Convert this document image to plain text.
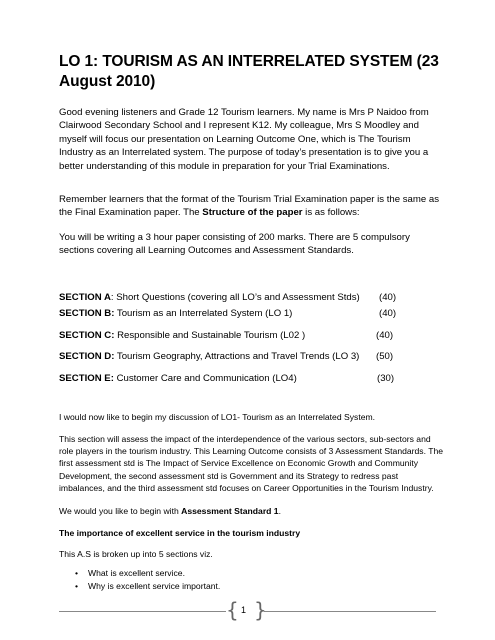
LO 1: TOURISM AS AN INTERRELATED SYSTEM (23 August 2010)

Good evening listeners and Grade 12 Tourism learners. My name is Mrs P Naidoo from Clairwood Secondary School and I represent K12. My colleague, Mrs S Moodley and myself will focus our presentation on Learning Outcome One, which is The Tourism Industry as an Interrelated system. The purpose of today’s presentation is to give you a better understanding of this module in preparation for your Trial Examinations.

Remember learners that the format of the Tourism Trial Examination paper is the same as the Final Examination paper. The Structure of the paper is as follows:

You will be writing a 3 hour paper consisting of 200 marks. There are 5 compulsory sections covering all Learning Outcomes and Assessment Standards.

SECTION A: Short Questions (covering all LO’s and Assessment Stds) (40)
SECTION B: Tourism as an Interrelated System (LO 1)	(40)
SECTION C: Responsible and Sustainable Tourism (L02 )	(40)
SECTION D: Tourism Geography, Attractions and Travel Trends (LO 3) (50)
SECTION E: Customer Care and Communication (LO4)	(30)

I would now like to begin my discussion of LO1- Tourism as an Interrelated System.

This section will assess the impact of the interdependence of the various sectors, sub-sectors and role players in the tourism industry. This Learning Outcome consists of 3 Assessment Standards. The first assessment std is The Impact of Service Excellence on Economic Growth and Community Development, the second assessment std is Government and its Strategy to redress past imbalances, and the third assessment std focuses on Career Opportunities in the Tourism Industry.

We would you like to begin with Assessment Standard 1.

The importance of excellent service in the tourism industry

This A.S is broken up into 5 sections viz.

• What is excellent service.
• Why is excellent service important.
{ }
1
